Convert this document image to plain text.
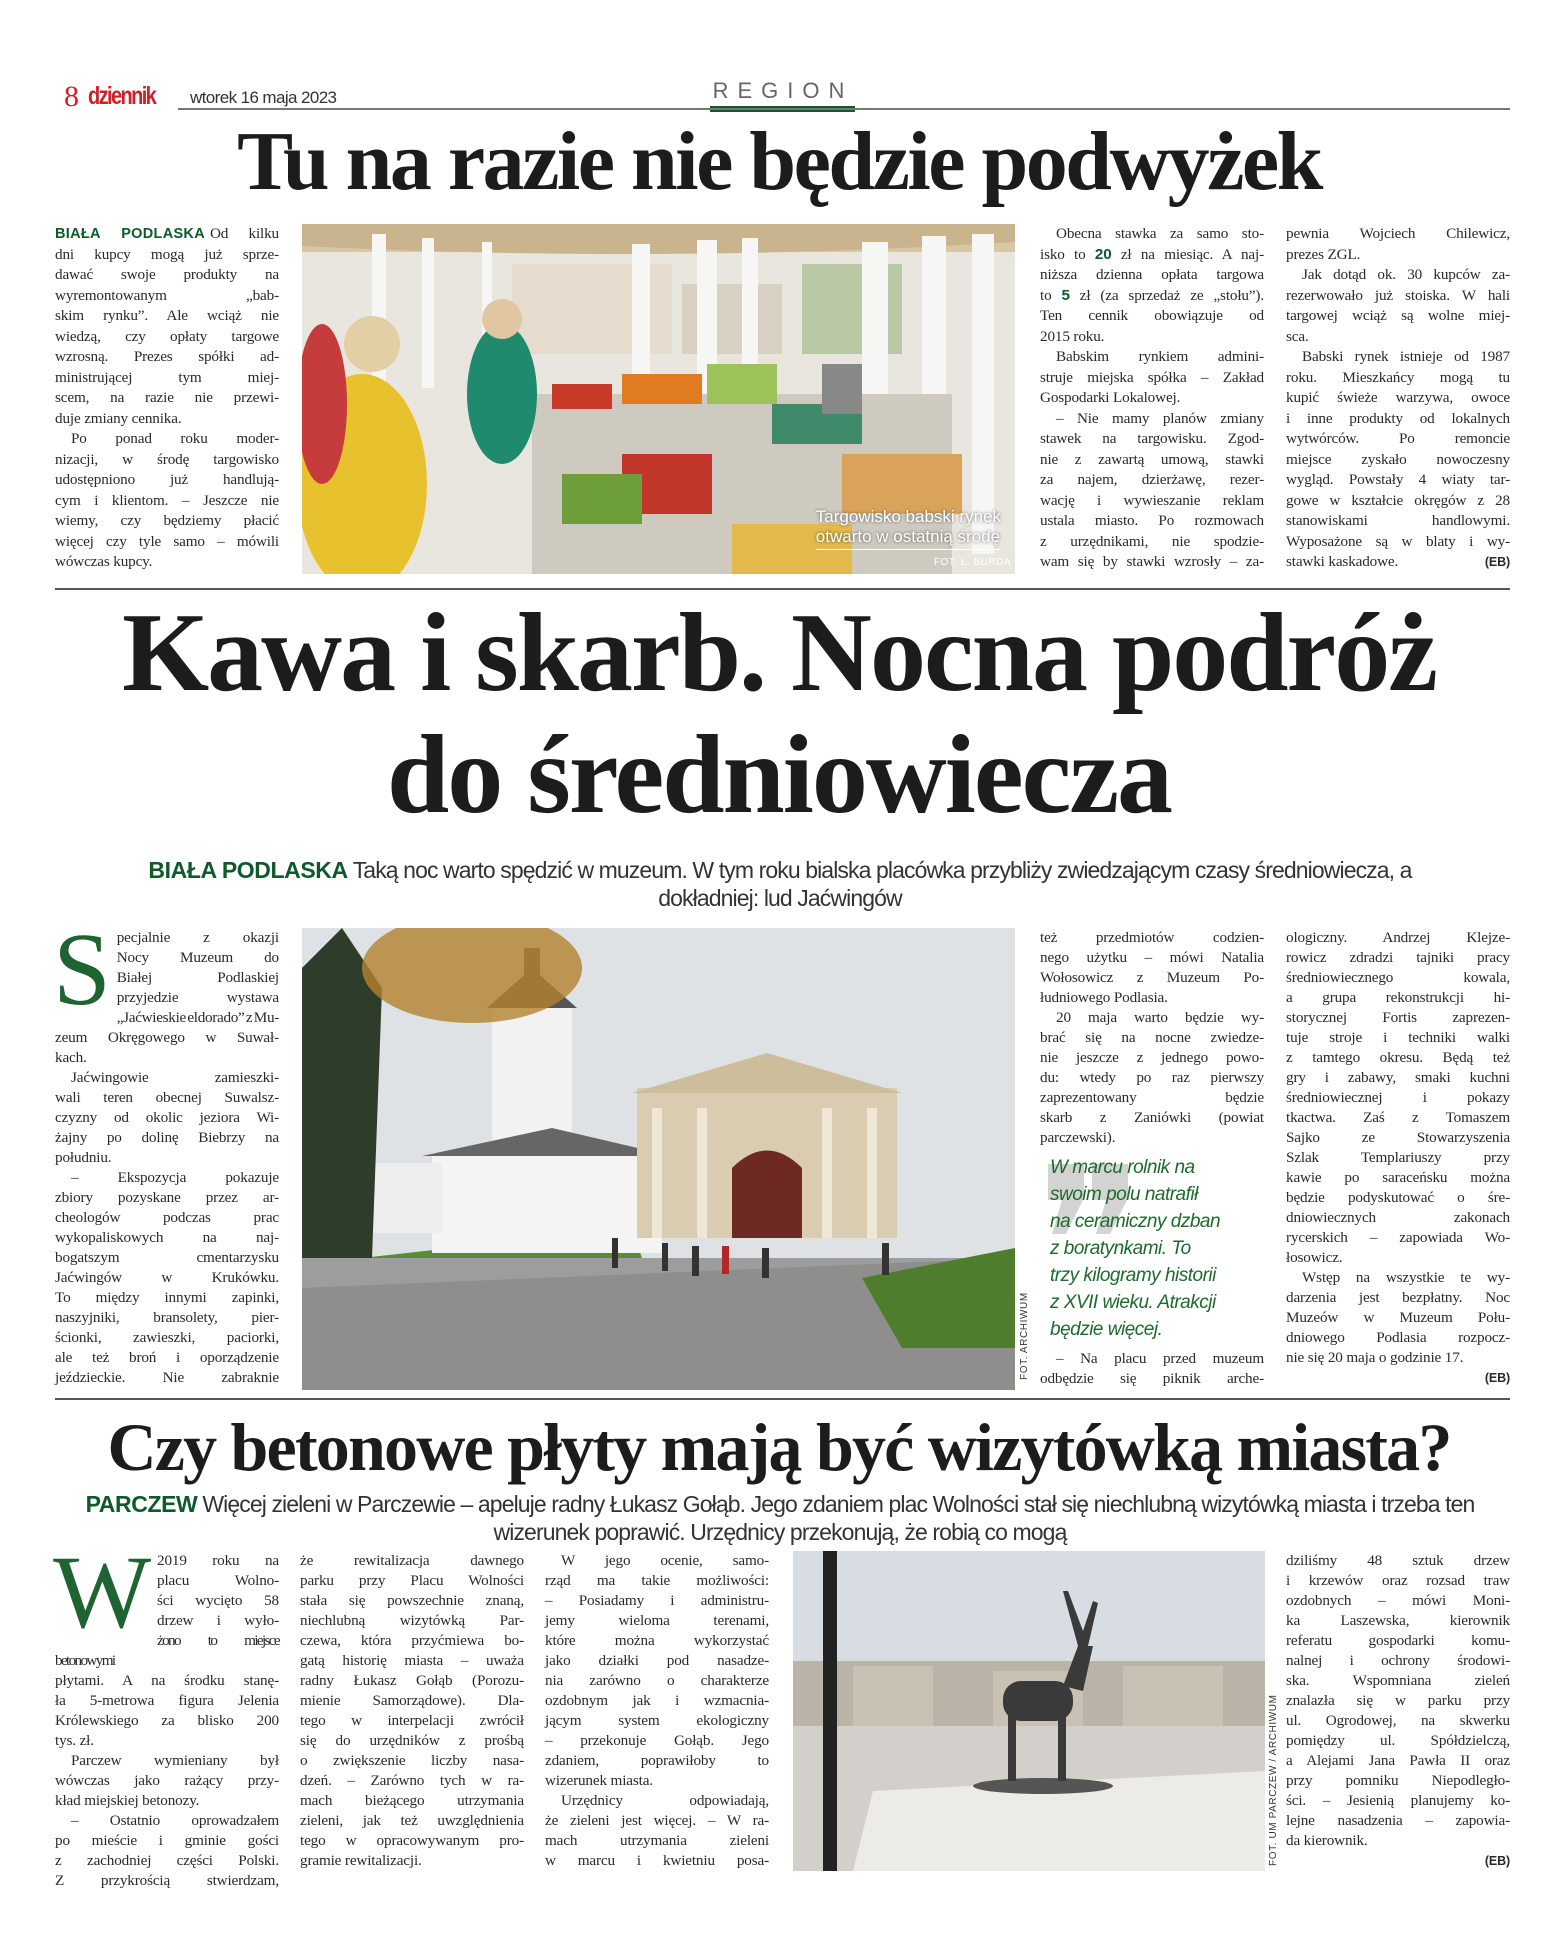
8 dziennik wtorek 16 maja 2023	REGION
Tu na razie nie będzie podwyżek
BIAŁA PODLASKA Od kilku
dni kupcy mogą już sprze-
dawać swoje produkty na
wyremontowanym „bab-
skim rynku”. Ale wciąż nie
wiedzą, czy opłaty targowe
wzrosną. Prezes spółki ad-
ministrującej tym miej-
scem, na razie nie przewi-
duje zmiany cennika.
Po ponad roku moder-
nizacji, w środę targowisko
udostępniono już handlują-
cym i klientom. – Jeszcze nie
wiemy, czy będziemy płacić
więcej czy tyle samo – mówili
wówczas kupcy.
Targowisko babski rynek
otwarto w ostatnią środę
FOT. Ł. BURDA
Obecna stawka za samo sto-
isko to 20 zł na miesiąc. A naj-
niższa dzienna opłata targowa
to 5 zł (za sprzedaż ze „stołu”).
Ten cennik obowiązuje od
2015 roku.
Babskim rynkiem admini-
struje miejska spółka – Zakład
Gospodarki Lokalowej.
– Nie mamy planów zmiany
stawek na targowisku. Zgod-
nie z zawartą umową, stawki
za najem, dzierżawę, rezer-
wację i wywieszanie reklam
ustala miasto. Po rozmowach
z urzędnikami, nie spodzie-
wam się by stawki wzrosły – za-
pewnia Wojciech Chilewicz,
prezes ZGL.
Jak dotąd ok. 30 kupców za-
rezerwowało już stoiska. W hali
targowej wciąż są wolne miej-
sca.
Babski rynek istnieje od 1987
roku. Mieszkańcy mogą tu
kupić świeże warzywa, owoce
i inne produkty od lokalnych
wytwórców. Po remoncie
miejsce zyskało nowoczesny
wygląd. Powstały 4 wiaty tar-
gowe w kształcie okręgów z 28
stanowiskami handlowymi.
Wyposażone są w blaty i wy-
(EB)
stawki kaskadowe.
Kawa i skarb. Nocna podróż
do średniowiecza
BIAŁA PODLASKA Taką noc warto spędzić w muzeum. W tym roku bialska placówka przybliży zwiedzającym czasy średniowiecza, a dokładniej: lud Jaćwingów
S pecjalnie z okazji
Nocy Muzeum do
Białej Podlaskiej
przyjedzie wystawa
„Jaćwieskie eldorado” z Mu-
zeum Okręgowego w Suwał-
kach.
Jaćwingowie zamieszki-
wali teren obecnej Suwalsz-
czyzny od okolic jeziora Wi-
żajny po dolinę Biebrzy na
południu.
– Ekspozycja pokazuje
zbiory pozyskane przez ar-
cheologów podczas prac
wykopaliskowych na naj-
bogatszym cmentarzysku
Jaćwingów w Krukówku.
To między innymi zapinki,
naszyjniki, bransolety, pier-
ścionki, zawieszki, paciorki,
ale też broń i oporządzenie
jeździeckie. Nie zabraknie	FOT. ARCHIWUM
też przedmiotów codzien-
nego użytku – mówi Natalia
Wołosowicz z Muzeum Po-
łudniowego Podlasia.
20 maja warto będzie wy-
brać się na nocne zwiedze-
nie jeszcze z jednego powo-
du: wtedy po raz pierwszy
zaprezentowany będzie
skarb z Zaniówki (powiat
parczewski).
W marcu rolnik na
swoim polu natrafił
na ceramiczny dzban
z boratynkami. To
trzy kilogramy historii
z XVII wieku. Atrakcji
będzie więcej.
– Na placu przed muzeum
odbędzie się piknik arche-
ologiczny. Andrzej Klejze-
rowicz zdradzi tajniki pracy
średniowiecznego kowala,
a grupa rekonstrukcji hi-
storycznej Fortis zaprezen-
tuje stroje i techniki walki
z tamtego okresu. Będą też
gry i zabawy, smaki kuchni
średniowiecznej i pokazy
tkactwa. Zaś z Tomaszem
Sajko ze Stowarzyszenia
Szlak Templariuszy przy
kawie po saraceńsku można
będzie podyskutować o śre-
dniowiecznych zakonach
rycerskich – zapowiada Wo-
łosowicz.
Wstęp na wszystkie te wy-
darzenia jest bezpłatny. Noc
Muzeów w Muzeum Połu-
dniowego Podlasia rozpocz-
nie się 20 maja o godzinie 17.
(EB)
Czy betonowe płyty mają być wizytówką miasta?
PARCZEW Więcej zieleni w Parczewie – apeluje radny Łukasz Gołąb. Jego zdaniem plac Wolności stał się niechlubną wizytówką miasta i trzeba ten wizerunek poprawić. Urzędnicy przekonują, że robią co mogą
W 2019 roku na
placu Wolno-
ści wycięto 58
drzew i wyło-
żono to miejsce betonowymi
płytami. A na środku stanę-
ła 5-metrowa figura Jelenia
Królewskiego za blisko 200
tys. zł.
Parczew wymieniany był
wówczas jako rażący przy-
kład miejskiej betonozy.
– Ostatnio oprowadzałem
po mieście i gminie gości
z zachodniej części Polski.
Z przykrością stwierdzam,
że rewitalizacja dawnego
parku przy Placu Wolności
stała się powszechnie znaną,
niechlubną wizytówką Par-
czewa, która przyćmiewa bo-
gatą historię miasta – uważa
radny Łukasz Gołąb (Porozu-
mienie Samorządowe). Dla-
tego w interpelacji zwrócił
się do urzędników z prośbą
o zwiększenie liczby nasa-
dzeń. – Zarówno tych w ra-
mach bieżącego utrzymania
zieleni, jak też uwzględnienia
tego w opracowywanym pro-
gramie rewitalizacji.
W jego ocenie, samo-
rząd ma takie możliwości:
– Posiadamy i administru-
jemy wieloma terenami,
które można wykorzystać
jako działki pod nasadze-
nia zarówno o charakterze
ozdobnym jak i wzmacnia-
jącym system ekologiczny
– przekonuje Gołąb. Jego
zdaniem, poprawiłoby to
wizerunek miasta.
Urzędnicy odpowiadają,
że zieleni jest więcej. – W ra-
mach utrzymania zieleni
w marcu i kwietniu posa-	FOT. UM PARCZEW / ARCHIWUM
dziliśmy 48 sztuk drzew
i krzewów oraz rozsad traw
ozdobnych – mówi Moni-
ka Laszewska, kierownik
referatu gospodarki komu-
nalnej i ochrony środowi-
ska. Wspomniana zieleń
znalazła się w parku przy
ul. Ogrodowej, na skwerku
pomiędzy ul. Spółdzielczą,
a Alejami Jana Pawła II oraz
przy pomniku Niepodległo-
ści. – Jesienią planujemy ko-
lejne nasadzenia – zapowia-
da kierownik.
(EB)
